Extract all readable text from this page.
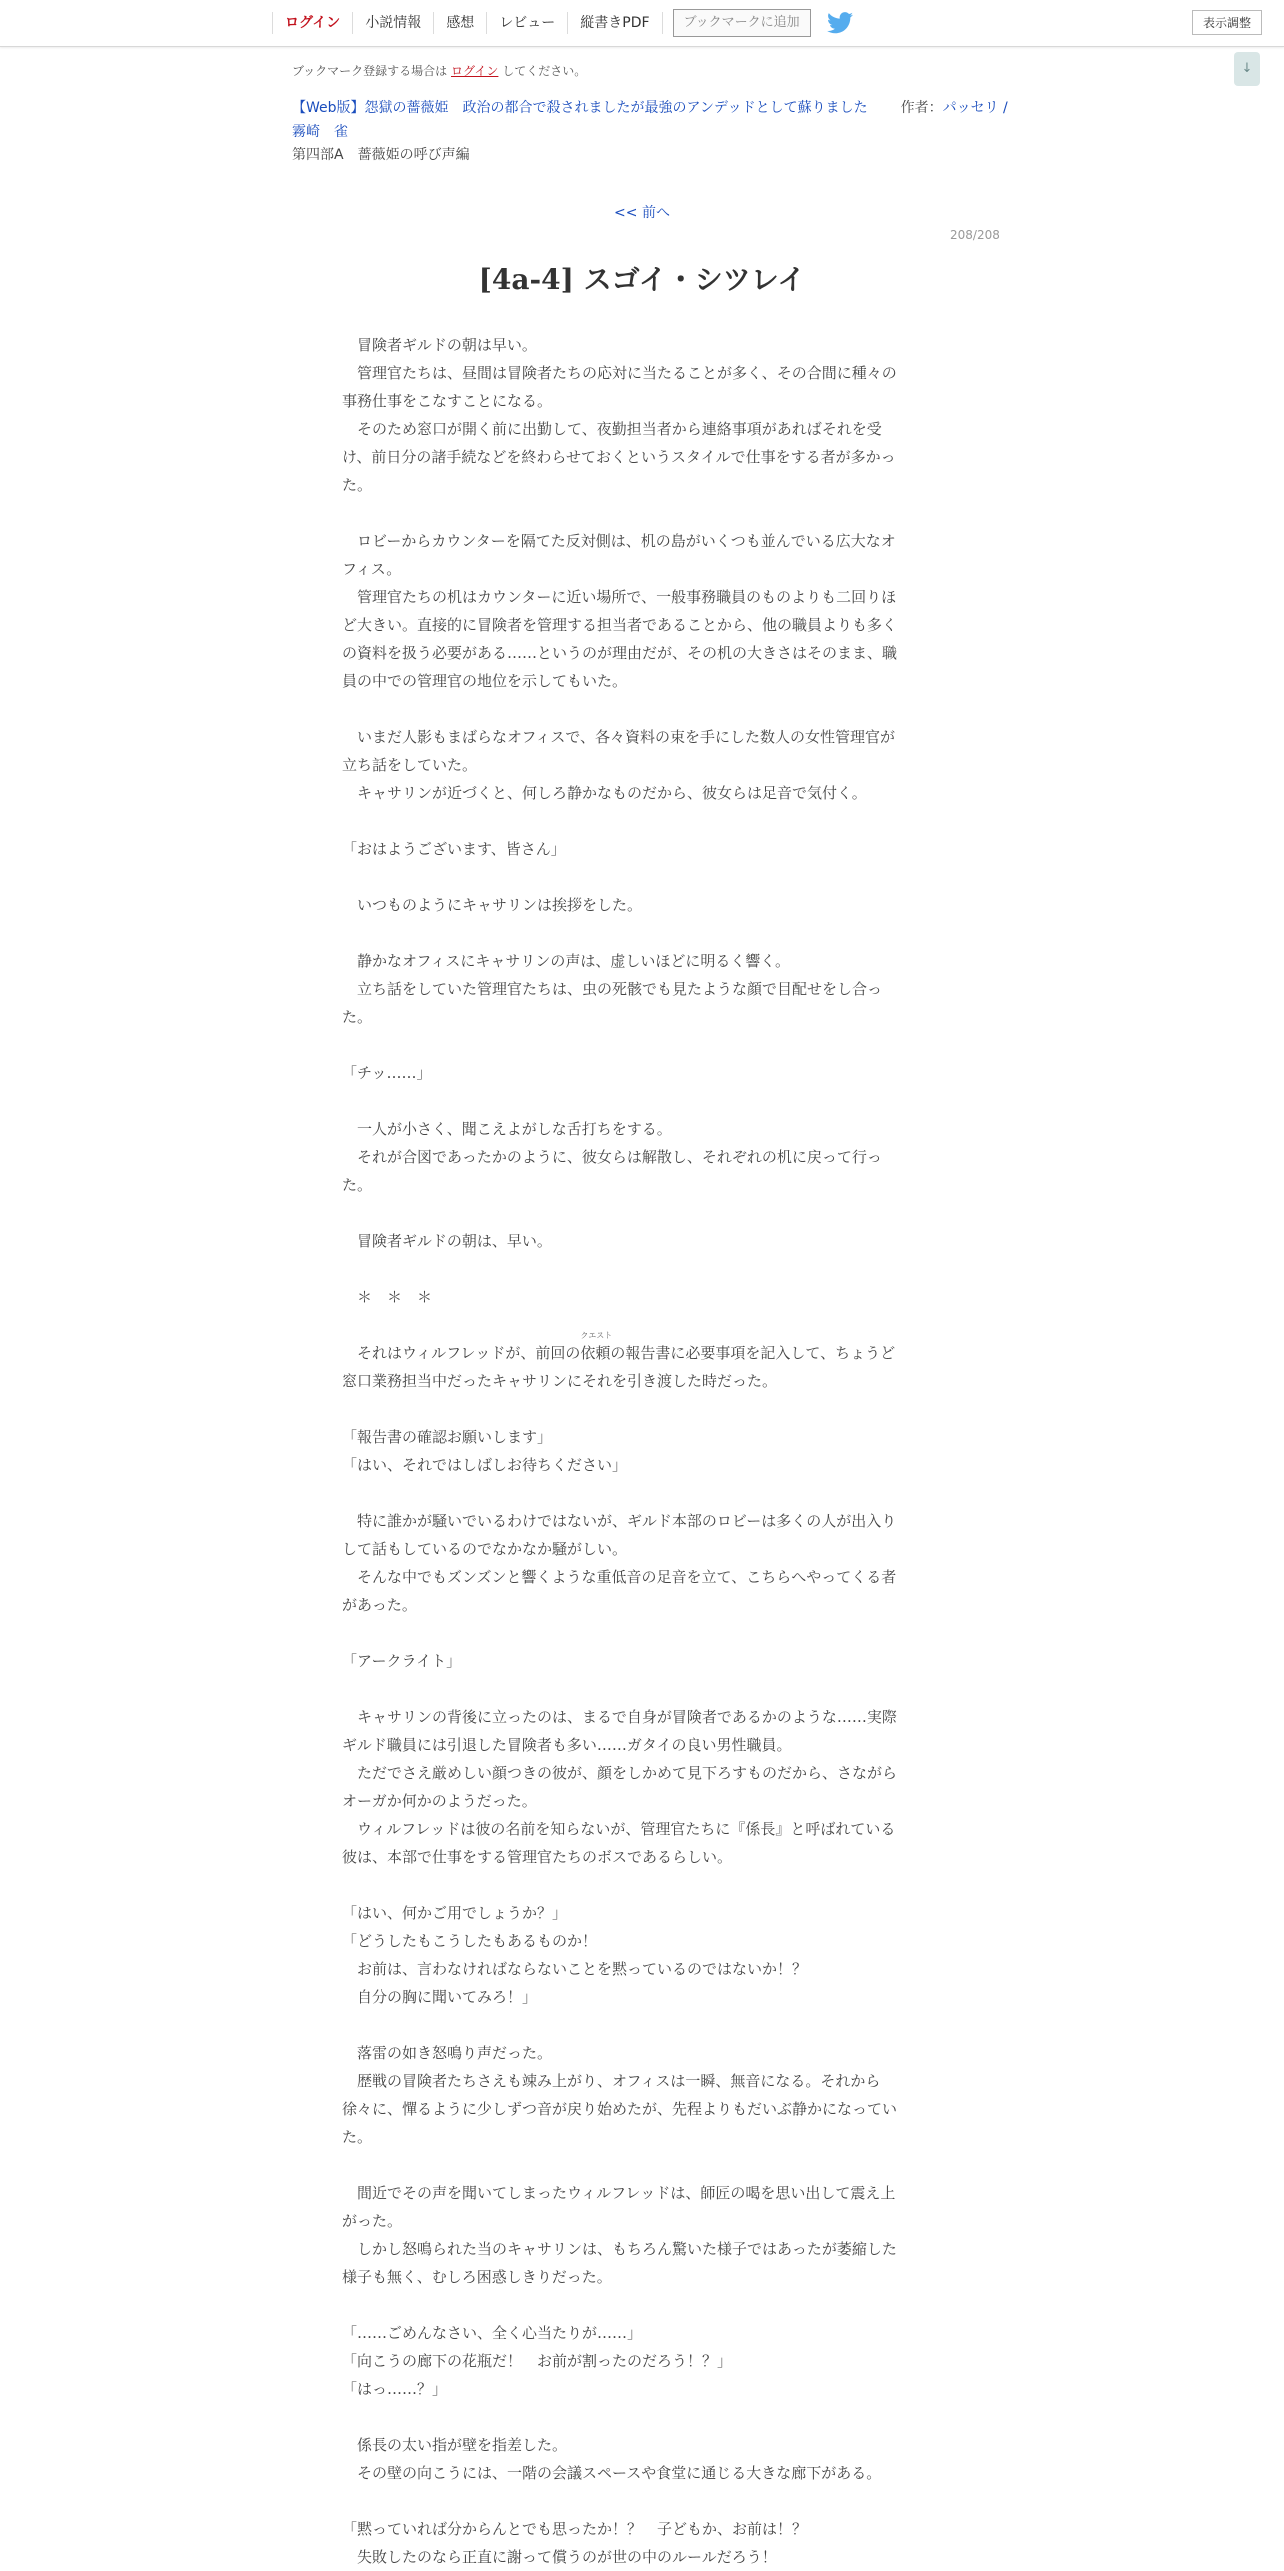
ログイン	小説情報	感想	レビュー	縦書きPDF	ブックマークに追加	表示調整
↓
ブックマーク登録する場合は ログイン してください。
【Web版】怨獄の薔薇姫　政治の都合で殺されましたが最強のアンデッドとして蘇りました 作者：パッセリ / 霧崎　雀
第四部A　薔薇姫の呼び声編
<< 前へ
208/208
[4a-4] スゴイ・シツレイ
　冒険者ギルドの朝は早い。
　管理官たちは、昼間は冒険者たちの応対に当たることが多く、その合間に種々の
事務仕事をこなすことになる。
　そのため窓口が開く前に出勤して、夜勤担当者から連絡事項があればそれを受
け、前日分の諸手続などを終わらせておくというスタイルで仕事をする者が多かっ
た。
　ロビーからカウンターを隔てた反対側は、机の島がいくつも並んでいる広大なオ
フィス。
　管理官たちの机はカウンターに近い場所で、一般事務職員のものよりも二回りほ
ど大きい。直接的に冒険者を管理する担当者であることから、他の職員よりも多く
の資料を扱う必要がある……というのが理由だが、その机の大きさはそのまま、職
員の中での管理官の地位を示してもいた。
　いまだ人影もまばらなオフィスで、各々資料の束を手にした数人の女性管理官が
立ち話をしていた。
　キャサリンが近づくと、何しろ静かなものだから、彼女らは足音で気付く。
「おはようございます、皆さん」
　いつものようにキャサリンは挨拶をした。
　静かなオフィスにキャサリンの声は、虚しいほどに明るく響く。
　立ち話をしていた管理官たちは、虫の死骸でも見たような顔で目配せをし合っ
た。
「チッ……」
　一人が小さく、聞こえよがしな舌打ちをする。
　それが合図であったかのように、彼女らは解散し、それぞれの机に戻って行っ
た。
　冒険者ギルドの朝は、早い。
　＊　＊　＊
　それはウィルフレッドが、前回の
クエスト
依頼の報告書に必要事項を記入して、ちょうど
窓口業務担当中だったキャサリンにそれを引き渡した時だった。
「報告書の確認お願いします」
「はい、それではしばしお待ちください」
　特に誰かが騒いでいるわけではないが、ギルド本部のロビーは多くの人が出入り
して話もしているのでなかなか騒がしい。
　そんな中でもズンズンと響くような重低音の足音を立て、こちらへやってくる者
があった。
「アークライト」
　キャサリンの背後に立ったのは、まるで自身が冒険者であるかのような……実際
ギルド職員には引退した冒険者も多い……ガタイの良い男性職員。
　ただでさえ厳めしい顔つきの彼が、顔をしかめて見下ろすものだから、さながら
オーガか何かのようだった。
　ウィルフレッドは彼の名前を知らないが、管理官たちに『係長』と呼ばれている
彼は、本部で仕事をする管理官たちのボスであるらしい。
「はい、何かご用でしょうか？」
「どうしたもこうしたもあるものか！
　お前は、言わなければならないことを黙っているのではないか！？
　自分の胸に聞いてみろ！」
　落雷の如き怒鳴り声だった。
　歴戦の冒険者たちさえも竦み上がり、オフィスは一瞬、無音になる。それから
徐々に、憚るように少しずつ音が戻り始めたが、先程よりもだいぶ静かになってい
た。
　間近でその声を聞いてしまったウィルフレッドは、師匠の喝を思い出して震え上
がった。
　しかし怒鳴られた当のキャサリンは、もちろん驚いた様子ではあったが萎縮した
様子も無く、むしろ困惑しきりだった。
「……ごめんなさい、全く心当たりが……」
「向こうの廊下の花瓶だ！　お前が割ったのだろう！？」
「はっ……？」
　係長の太い指が壁を指差した。
　その壁の向こうには、一階の会議スペースや食堂に通じる大きな廊下がある。
「黙っていれば分からんとでも思ったか！？　子どもか、お前は！？
　失敗したのなら正直に謝って償うのが世の中のルールだろう！
